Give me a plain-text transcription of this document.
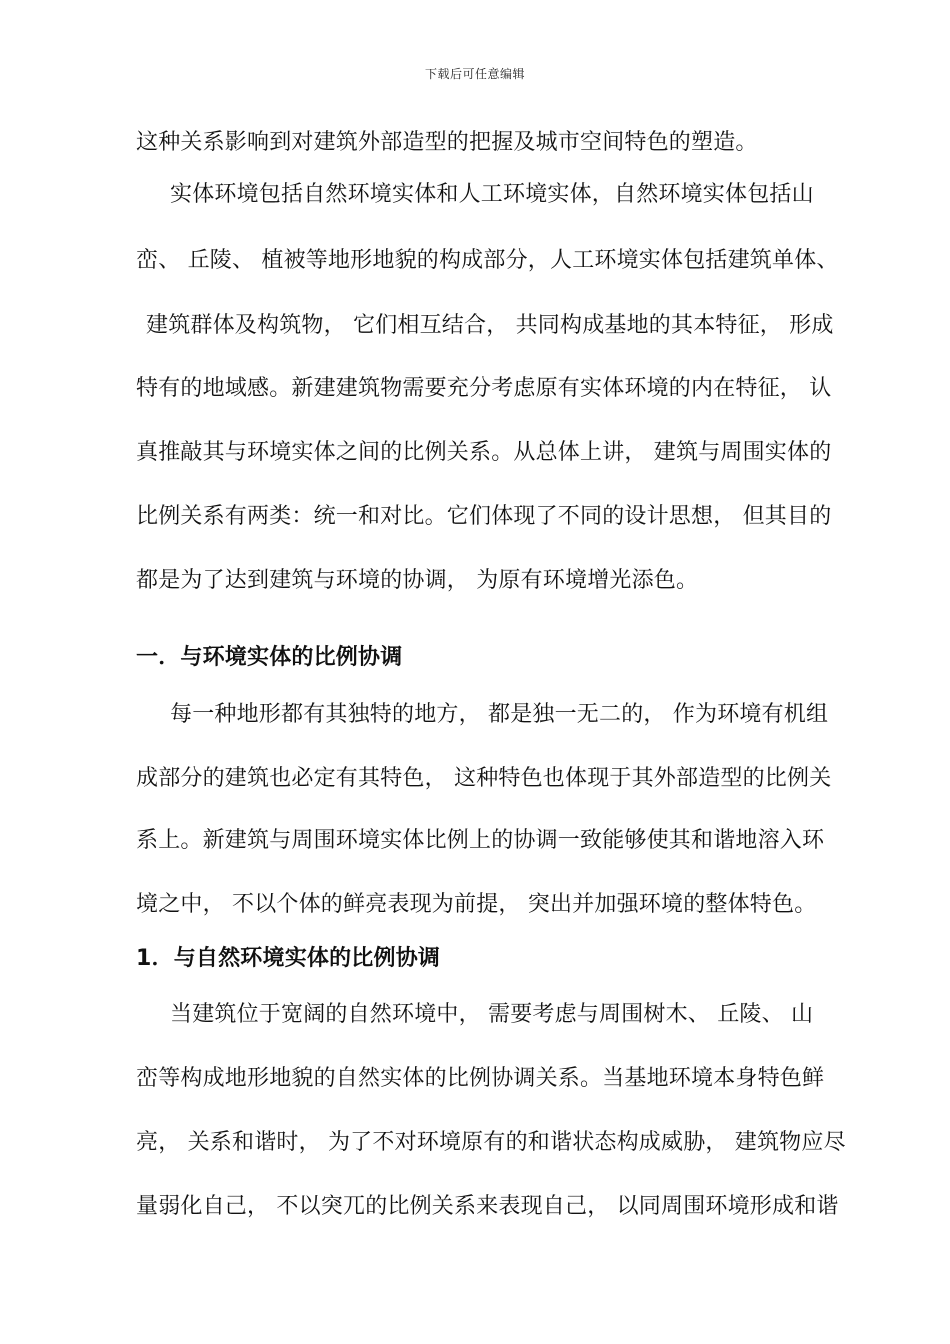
下载后可任意编辑
这种关系影响到对建筑外部造型的把握及城市空间特色的塑造。
实体环境包括自然环境实体和人工环境实体，自然环境实体包括山
峦、 丘陵、 植被等地形地貌的构成部分，人工环境实体包括建筑单体、
建筑群体及构筑物， 它们相互结合， 共同构成基地的其本特征， 形成
特有的地域感。新建建筑物需要充分考虑原有实体环境的内在特征， 认
真推敲其与环境实体之间的比例关系。从总体上讲， 建筑与周围实体的
比例关系有两类：统一和对比。它们体现了不同的设计思想， 但其目的
都是为了达到建筑与环境的协调， 为原有环境增光添色。
一．与环境实体的比例协调
每一种地形都有其独特的地方， 都是独一无二的， 作为环境有机组
成部分的建筑也必定有其特色， 这种特色也体现于其外部造型的比例关
系上。新建筑与周围环境实体比例上的协调一致能够使其和谐地溶入环
境之中， 不以个体的鲜亮表现为前提， 突出并加强环境的整体特色。
1．与自然环境实体的比例协调
当建筑位于宽阔的自然环境中， 需要考虑与周围树木、 丘陵、 山
峦等构成地形地貌的自然实体的比例协调关系。当基地环境本身特色鲜
亮， 关系和谐时， 为了不对环境原有的和谐状态构成威胁， 建筑物应尽
量弱化自己， 不以突兀的比例关系来表现自己， 以同周围环境形成和谐
